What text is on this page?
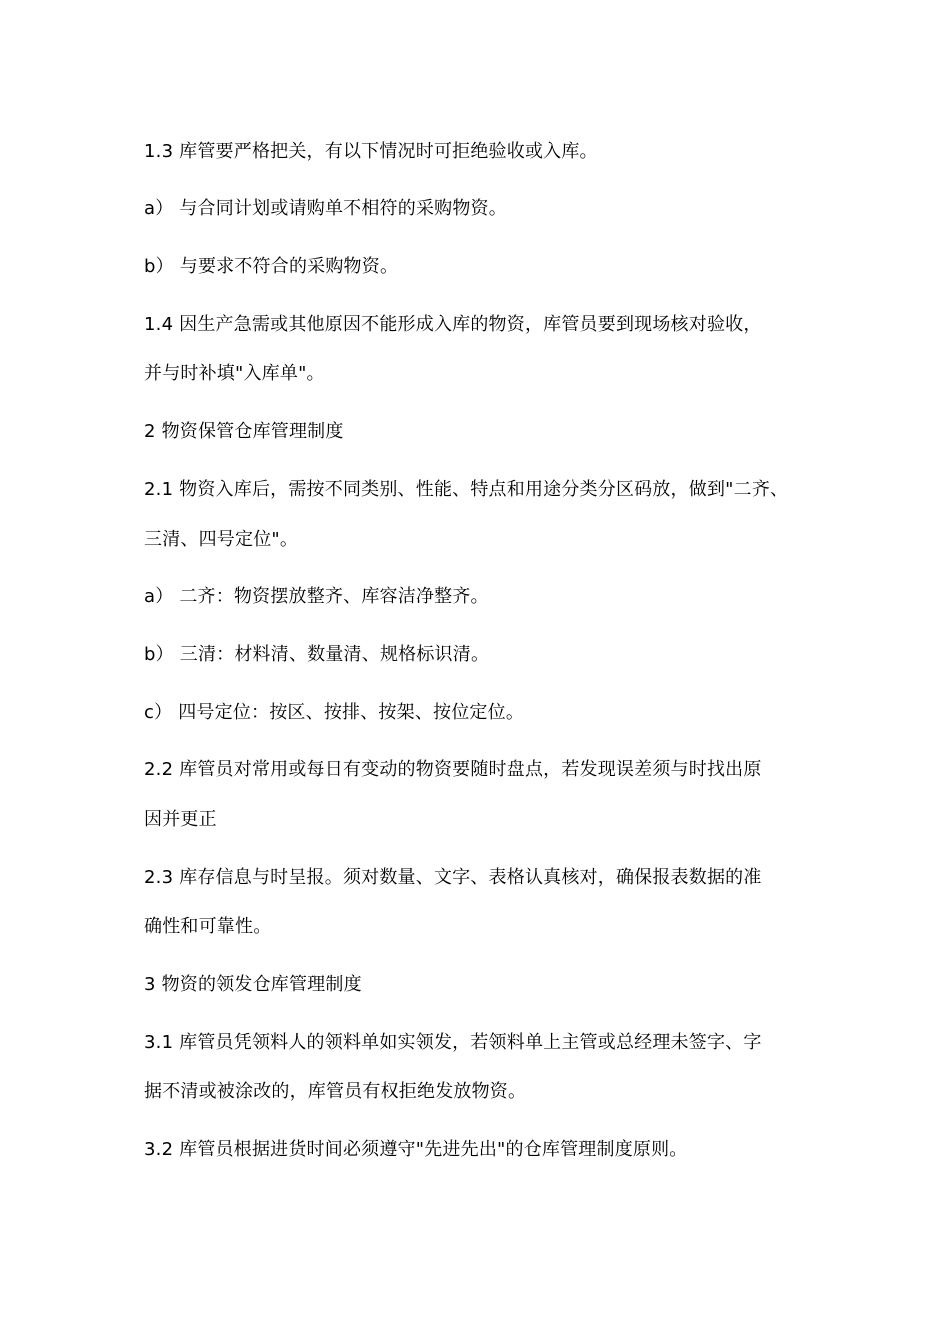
1.3 库管要严格把关，有以下情况时可拒绝验收或入库。
a） 与合同计划或请购单不相符的采购物资。
b） 与要求不符合的采购物资。
1.4 因生产急需或其他原因不能形成入库的物资，库管员要到现场核对验收，
并与时补填"入库单"。
2 物资保管仓库管理制度
2.1 物资入库后，需按不同类别、性能、特点和用途分类分区码放，做到"二齐、
三清、四号定位"。
a） 二齐：物资摆放整齐、库容洁净整齐。
b） 三清：材料清、数量清、规格标识清。
c） 四号定位：按区、按排、按架、按位定位。
2.2 库管员对常用或每日有变动的物资要随时盘点，若发现误差须与时找出原
因并更正
2.3 库存信息与时呈报。须对数量、文字、表格认真核对，确保报表数据的准
确性和可靠性。
3 物资的领发仓库管理制度
3.1 库管员凭领料人的领料单如实领发，若领料单上主管或总经理未签字、字
据不清或被涂改的，库管员有权拒绝发放物资。
3.2 库管员根据进货时间必须遵守"先进先出"的仓库管理制度原则。
